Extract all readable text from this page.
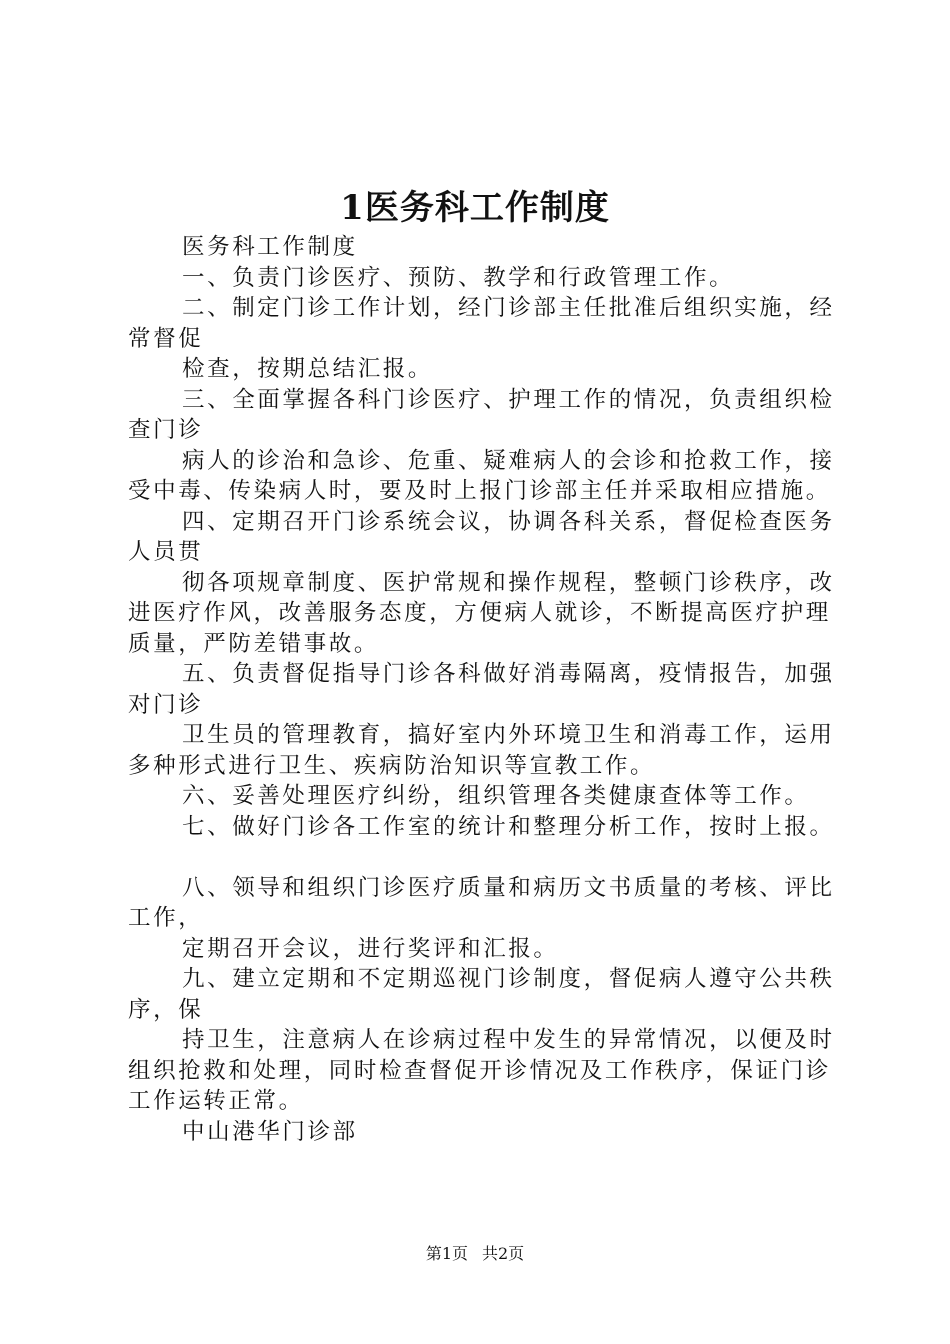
1医务科工作制度

医务科工作制度

一、负责门诊医疗、预防、教学和行政管理工作。

二、制定门诊工作计划，经门诊部主任批准后组织实施，经常督促

检查，按期总结汇报。

三、全面掌握各科门诊医疗、护理工作的情况，负责组织检查门诊

病人的诊治和急诊、危重、疑难病人的会诊和抢救工作，接受中毒、传染病人时，要及时上报门诊部主任并采取相应措施。

四、定期召开门诊系统会议，协调各科关系，督促检查医务人员贯

彻各项规章制度、医护常规和操作规程，整顿门诊秩序，改进医疗作风，改善服务态度，方便病人就诊，不断提高医疗护理质量，严防差错事故。

五、负责督促指导门诊各科做好消毒隔离，疫情报告，加强对门诊

卫生员的管理教育，搞好室内外环境卫生和消毒工作，运用多种形式进行卫生、疾病防治知识等宣教工作。

六、妥善处理医疗纠纷，组织管理各类健康查体等工作。

七、做好门诊各工作室的统计和整理分析工作，按时上报。

八、领导和组织门诊医疗质量和病历文书质量的考核、评比工作，

定期召开会议，进行奖评和汇报。

九、建立定期和不定期巡视门诊制度，督促病人遵守公共秩序，保

持卫生，注意病人在诊病过程中发生的异常情况，以便及时组织抢救和处理，同时检查督促开诊情况及工作秩序，保证门诊工作运转正常。

中山港华门诊部

第1页 共2页
